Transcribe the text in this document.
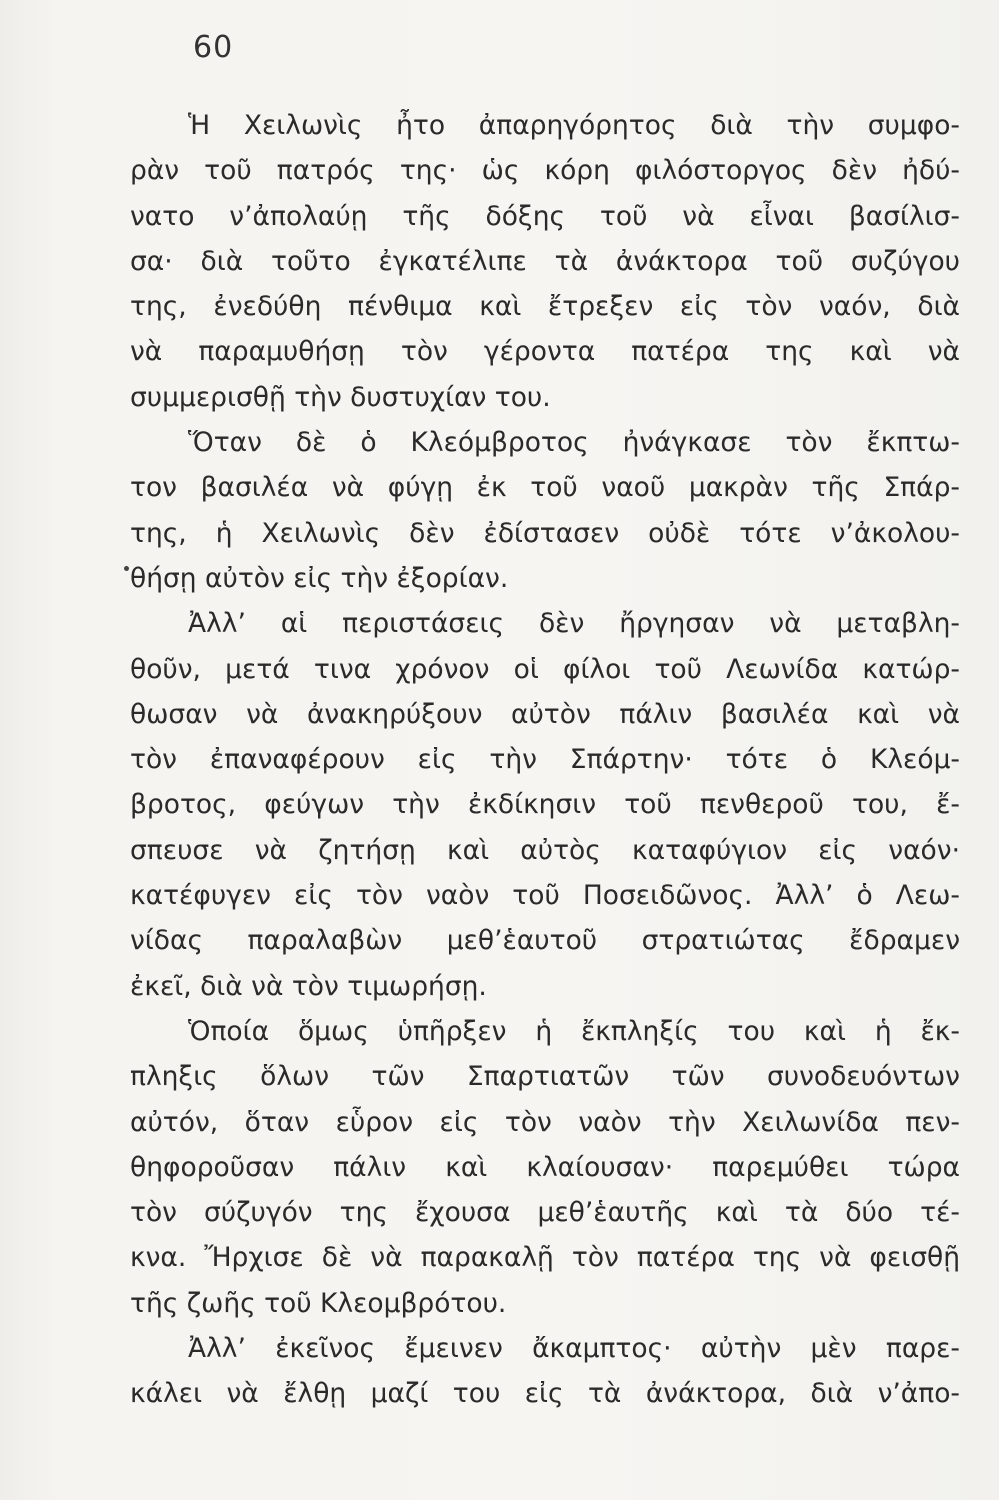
60
Ἡ Χειλωνὶς ἦτο ἀπαρηγόρητος διὰ τὴν συμφο-
ρὰν τοῦ πατρός της· ὡς κόρη φιλόστοργος δὲν ἠδύ-
νατο ν’ἀπολαύῃ τῆς δόξης τοῦ νὰ εἶναι βασίλισ-
σα· διὰ τοῦτο ἐγκατέλιπε τὰ ἀνάκτορα τοῦ συζύγου
της, ἐνεδύθη πένθιμα καὶ ἔτρεξεν εἰς τὸν ναόν, διὰ
νὰ παραμυθήσῃ τὸν γέροντα πατέρα της καὶ νὰ
συμμερισθῇ τὴν δυστυχίαν του.
Ὅταν δὲ ὁ Κλεόμβροτος ἠνάγκασε τὸν ἔκπτω-
τον βασιλέα νὰ φύγῃ ἐκ τοῦ ναοῦ μακρὰν τῆς Σπάρ-
της, ἡ Χειλωνὶς δὲν ἐδίστασεν οὐδὲ τότε ν’ἀκολου-
θήσῃ αὐτὸν εἰς τὴν ἐξορίαν.
Ἀλλ’ αἱ περιστάσεις δὲν ἤργησαν νὰ μεταβλη-
θοῦν, μετά τινα χρόνον οἱ φίλοι τοῦ Λεωνίδα κατώρ-
θωσαν νὰ ἀνακηρύξουν αὐτὸν πάλιν βασιλέα καὶ νὰ
τὸν ἐπαναφέρουν εἰς τὴν Σπάρτην· τότε ὁ Κλεόμ-
βροτος, φεύγων τὴν ἐκδίκησιν τοῦ πενθεροῦ του, ἔ-
σπευσε νὰ ζητήσῃ καὶ αὐτὸς καταφύγιον εἰς ναόν·
κατέφυγεν εἰς τὸν ναὸν τοῦ Ποσειδῶνος. Ἀλλ’ ὁ Λεω-
νίδας παραλαβὼν μεθ’ἑαυτοῦ στρατιώτας ἔδραμεν
ἐκεῖ, διὰ νὰ τὸν τιμωρήσῃ.
Ὁποία ὅμως ὑπῆρξεν ἡ ἔκπληξίς του καὶ ἡ ἔκ-
πληξις ὅλων τῶν Σπαρτιατῶν τῶν συνοδευόντων
αὐτόν, ὅταν εὗρον εἰς τὸν ναὸν τὴν Χειλωνίδα πεν-
θηφοροῦσαν πάλιν καὶ κλαίουσαν· παρεμύθει τώρα
τὸν σύζυγόν της ἔχουσα μεθ’ἑαυτῆς καὶ τὰ δύο τέ-
κνα. Ἤρχισε δὲ νὰ παρακαλῇ τὸν πατέρα της νὰ φεισθῇ
τῆς ζωῆς τοῦ Κλεομβρότου.
Ἀλλ’ ἐκεῖνος ἔμεινεν ἄκαμπτος· αὐτὴν μὲν παρε-
κάλει νὰ ἔλθῃ μαζί του εἰς τὰ ἀνάκτορα, διὰ ν’ἀπο-
